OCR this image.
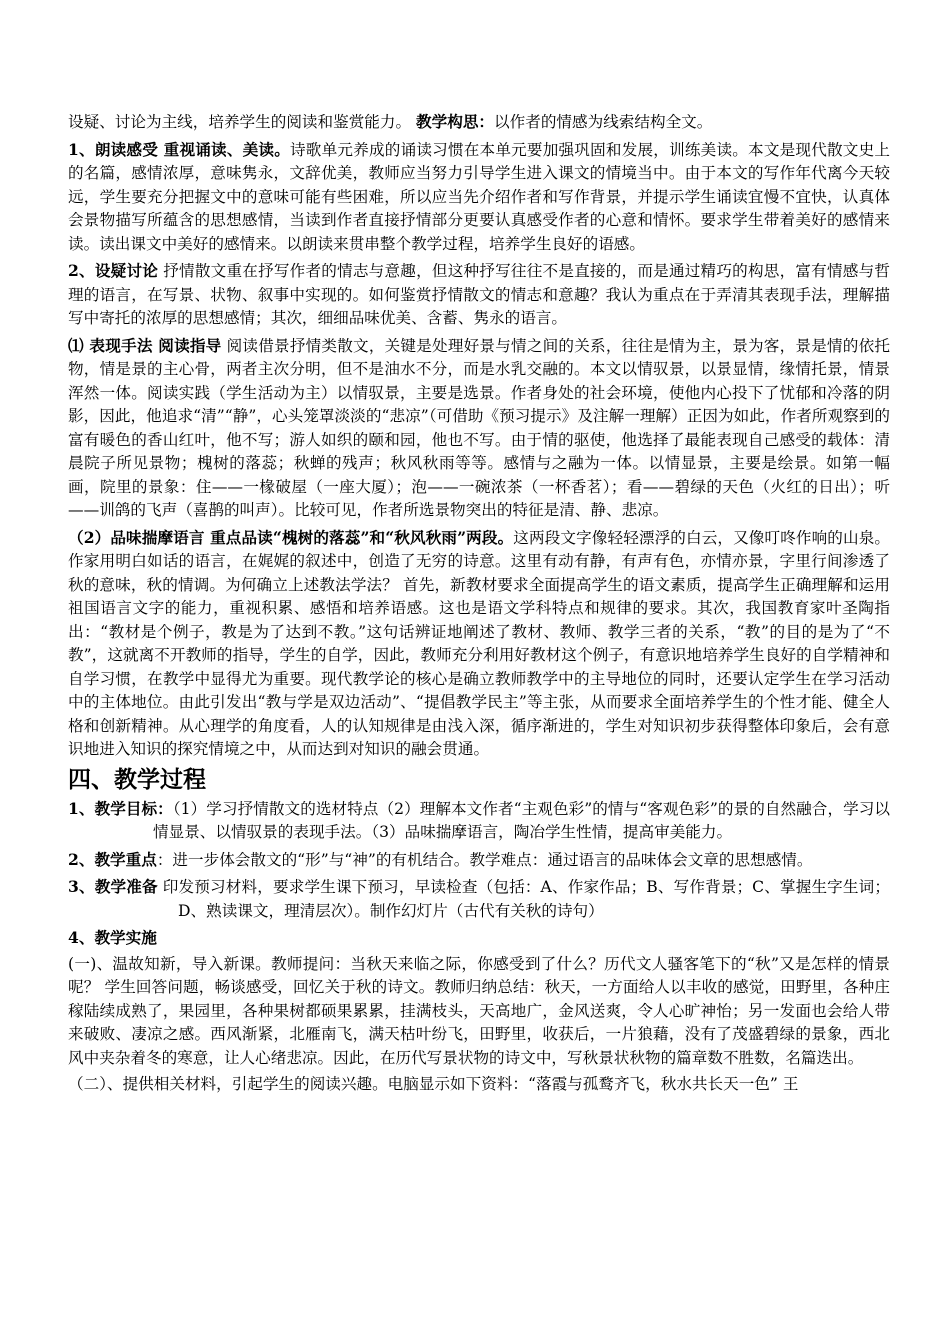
设疑、讨论为主线，培养学生的阅读和鉴赏能力。 教学构思：以作者的情感为线索结构全文。

1、朗读感受 重视诵读、美读。诗歌单元养成的诵读习惯在本单元要加强巩固和发展，训练美读。本文是现代散文史上的名篇，感情浓厚，意味隽永，文辞优美，教师应当努力引导学生进入课文的情境当中。由于本文的写作年代离今天较远，学生要充分把握文中的意味可能有些困难，所以应当先介绍作者和写作背景，并提示学生诵读宜慢不宜快，认真体会景物描写所蕴含的思想感情，当读到作者直接抒情部分更要认真感受作者的心意和情怀。要求学生带着美好的感情来读。读出课文中美好的感情来。以朗读来贯串整个教学过程，培养学生良好的语感。

2、设疑讨论 抒情散文重在抒写作者的情志与意趣，但这种抒写往往不是直接的，而是通过精巧的构思，富有情感与哲理的语言，在写景、状物、叙事中实现的。如何鉴赏抒情散文的情志和意趣？我认为重点在于弄清其表现手法，理解描写中寄托的浓厚的思想感情；其次，细细品味优美、含蓄、隽永的语言。

⑴ 表现手法 阅读指导 阅读借景抒情类散文，关键是处理好景与情之间的关系，往往是情为主，景为客，景是情的依托物，情是景的主心骨，两者主次分明，但不是油水不分，而是水乳交融的。本文以情驭景，以景显情，缘情托景，情景浑然一体。阅读实践（学生活动为主）以情驭景，主要是选景。作者身处的社会环境，使他内心投下了忧郁和冷落的阴影，因此，他追求“清”“静”，心头笼罩淡淡的“悲凉”（可借助《预习提示》及注解一理解）正因为如此，作者所观察到的富有暖色的香山红叶，他不写；游人如织的颐和园，他也不写。由于情的驱使，他选择了最能表现自己感受的载体：清晨院子所见景物；槐树的落蕊；秋蝉的残声；秋风秋雨等等。感情与之融为一体。以情显景，主要是绘景。如第一幅画，院里的景象：住——一椽破屋（一座大厦）；泡——一碗浓茶（一杯香茗）；看——碧绿的天色（火红的日出）；听——训鸽的飞声（喜鹊的叫声）。比较可见，作者所选景物突出的特征是清、静、悲凉。

（2）品味揣摩语言 重点品读“槐树的落蕊”和“秋风秋雨”两段。这两段文字像轻轻漂浮的白云，又像叮咚作响的山泉。作家用明白如话的语言，在娓娓的叙述中，创造了无穷的诗意。这里有动有静，有声有色，亦情亦景，字里行间渗透了秋的意味，秋的情调。为何确立上述教法学法？ 首先，新教材要求全面提高学生的语文素质，提高学生正确理解和运用祖国语言文字的能力，重视积累、感悟和培养语感。这也是语文学科特点和规律的要求。其次，我国教育家叶圣陶指出：“教材是个例子，教是为了达到不教。”这句话辨证地阐述了教材、教师、教学三者的关系，“教”的目的是为了“不教”，这就离不开教师的指导，学生的自学，因此，教师充分利用好教材这个例子，有意识地培养学生良好的自学精神和自学习惯，在教学中显得尤为重要。现代教学论的核心是确立教师教学中的主导地位的同时，还要认定学生在学习活动中的主体地位。由此引发出“教与学是双边活动”、“提倡教学民主”等主张，从而要求全面培养学生的个性才能、健全人格和创新精神。从心理学的角度看，人的认知规律是由浅入深，循序渐进的，学生对知识初步获得整体印象后，会有意识地进入知识的探究情境之中，从而达到对知识的融会贯通。

四、教学过程

1、教学目标：（1）学习抒情散文的选材特点（2）理解本文作者“主观色彩”的情与“客观色彩”的景的自然融合，学习以情显景、以情驭景的表现手法。（3）品味揣摩语言，陶冶学生性情，提高审美能力。

2、教学重点：进一步体会散文的“形”与“神”的有机结合。教学难点：通过语言的品味体会文章的思想感情。

3、教学准备 印发预习材料，要求学生课下预习，早读检查（包括：A、作家作品；B、写作背景；C、掌握生字生词； D、熟读课文，理清层次）。制作幻灯片（古代有关秋的诗句）

4、教学实施

(一)、温故知新，导入新课。教师提问：当秋天来临之际，你感受到了什么？历代文人骚客笔下的“秋”又是怎样的情景呢？ 学生回答问题，畅谈感受，回忆关于秋的诗文。教师归纳总结：秋天，一方面给人以丰收的感觉，田野里，各种庄稼陆续成熟了，果园里，各种果树都硕果累累，挂满枝头，天高地广，金风送爽，令人心旷神怡；另一发面也会给人带来破败、凄凉之感。西风渐紧，北雁南飞，满天枯叶纷飞，田野里，收获后，一片狼藉，没有了茂盛碧绿的景象，西北风中夹杂着冬的寒意，让人心绪悲凉。因此，在历代写景状物的诗文中，写秋景状秋物的篇章数不胜数，名篇迭出。

（二）、提供相关材料，引起学生的阅读兴趣。电脑显示如下资料：“落霞与孤鹜齐飞，秋水共长天一色” 王
